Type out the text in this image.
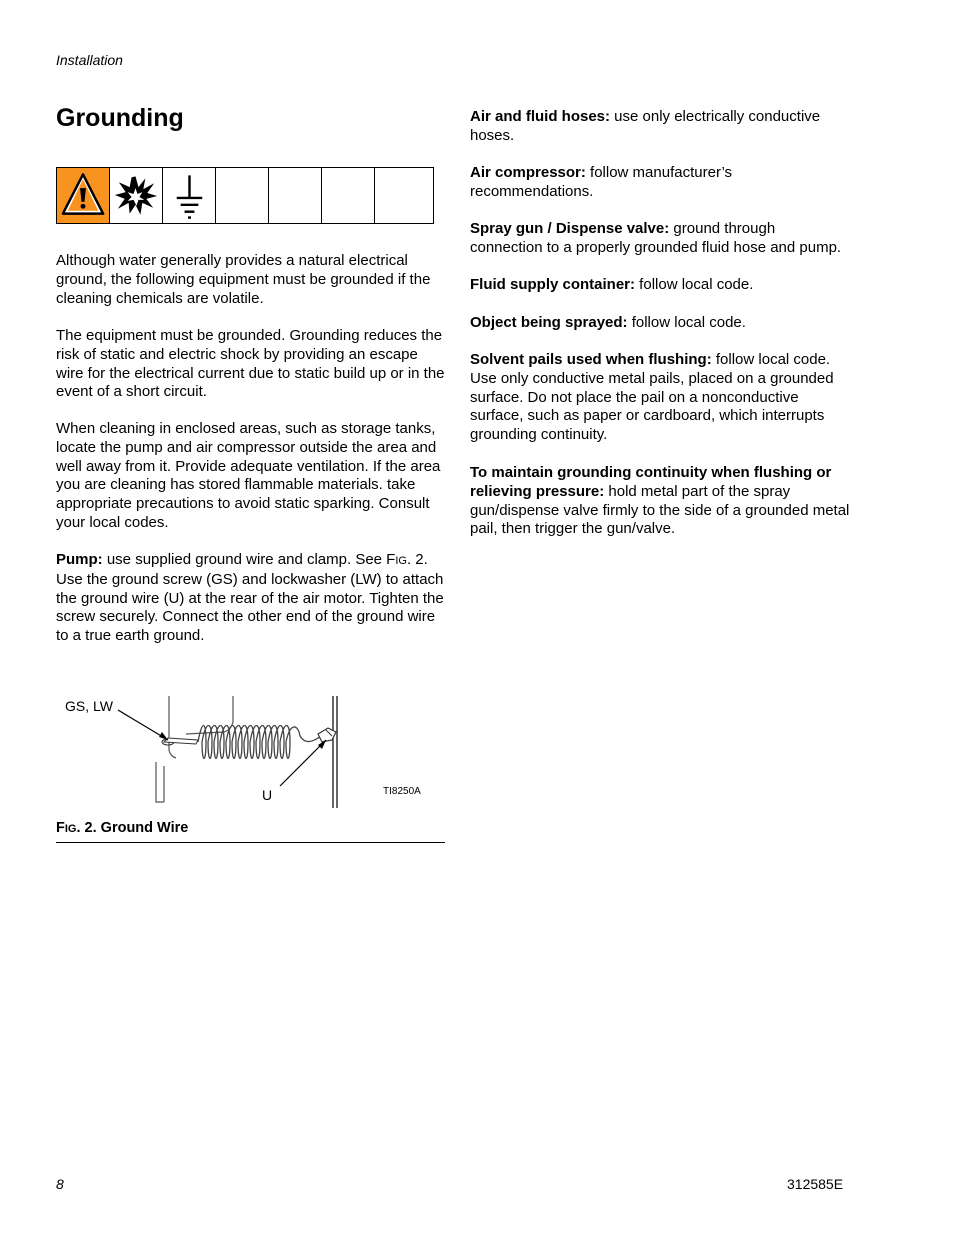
Installation
Grounding

Although water generally provides a natural electrical ground, the following equipment must be grounded if the cleaning chemicals are volatile.

The equipment must be grounded. Grounding reduces the risk of static and electric shock by providing an escape wire for the electrical current due to static build up or in the event of a short circuit.

When cleaning in enclosed areas, such as storage tanks, locate the pump and air compressor outside the area and well away from it. Provide adequate ventilation. If the area you are cleaning has stored flammable materials. take appropriate precautions to avoid static sparking. Consult your local codes.

Pump: use supplied ground wire and clamp. See FIG. 2. Use the ground screw (GS) and lockwasher (LW) to attach the ground wire (U) at the rear of the air motor. Tighten the screw securely. Connect the other end of the ground wire to a true earth ground.

GS, LW
U	TI8250A
FIG. 2. Ground Wire

Air and fluid hoses: use only electrically conductive hoses.

Air compressor: follow manufacturer’s recommendations.

Spray gun / Dispense valve: ground through connection to a properly grounded fluid hose and pump.

Fluid supply container: follow local code.

Object being sprayed: follow local code.

Solvent pails used when flushing: follow local code. Use only conductive metal pails, placed on a grounded surface. Do not place the pail on a nonconductive surface, such as paper or cardboard, which interrupts grounding continuity.

To maintain grounding continuity when flushing or relieving pressure: hold metal part of the spray gun/dispense valve firmly to the side of a grounded metal pail, then trigger the gun/valve.

8	312585E
